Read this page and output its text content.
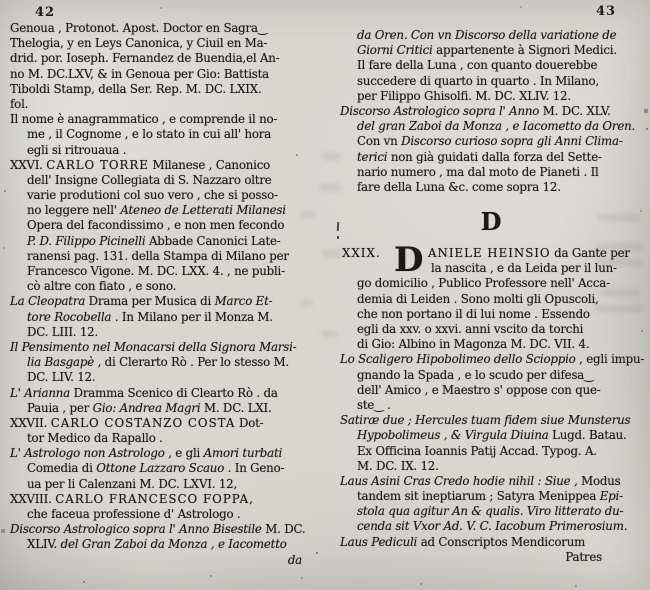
42	43
Genoua , Protonot. Apost. Doctor en Sagra‿
Thelogia, y en Leys Canonica, y Ciuil en Ma-
drid. por. Ioseph. Fernandez de Buendia,el An-
no M. DC.LXV, & in Genoua per Gio: Battista
Tiboldi Stamp, della Ser. Rep. M. DC. LXIX.
fol.
Il nome è anagrammatico , e comprende il no-
me , il Cognome , e lo stato in cui all' hora
egli si ritrouaua .
XXVI. CARLO TORRE Milanese , Canonico
dell' Insigne Collegiata di S. Nazzaro oltre
varie produtioni col suo vero , che si posso-
no leggere nell' Ateneo de Letterati Milanesi
Opera del facondissimo , e non men fecondo
P. D. Filippo Picinelli Abbade Canonici Late-
ranensi pag. 131. della Stampa di Milano per
Francesco Vigone. M. DC. LXX. 4. , ne publi-
cò altre con fiato , e sono.
La Cleopatra Drama per Musica di Marco Et-
tore Rocobella . In Milano per il Monza M.
DC. LIII. 12.
Il Pensimento nel Monacarsi della Signora Marsi-
lia Basgapè , di Clerarto Rò . Per lo stesso M.
DC. LIV. 12.
L' Arianna Dramma Scenico di Clearto Rò . da
Pauia , per Gio: Andrea Magri M. DC. LXI.
XXVII. CARLO COSTANZO COSTA Dot-
tor Medico da Rapallo .
L' Astrologo non Astrologo , e gli Amori turbati
Comedia di Ottone Lazzaro Scauo . In Geno-
ua per li Calenzani M. DC. LXVI. 12,
XXVIII. CARLO FRANCESCO FOPPA,
che faceua professione d' Astrologo .
Discorso Astrologico sopra l' Anno Bisestile M. DC.
XLIV. del Gran Zaboi da Monza , e Iacometto
da
da Oren. Con vn Discorso della variatione de
Giorni Critici appartenente à Signori Medici.
Il fare della Luna , con quanto douerebbe
succedere di quarto in quarto . In Milano,
per Filippo Ghisolfi. M. DC. XLIV. 12.
Discorso Astrologico sopra l' Anno M. DC. XLV.
del gran Zaboi da Monza , e Iacometto da Oren.
Con vn Discorso curioso sopra gli Anni Clima-
terici non già guidati dalla forza del Sette-
nario numero , ma dal moto de Pianeti . Il
fare della Luna &c. come sopra 12.
D
XXIX. D ANIELE HEINSIO da Gante per
la nascita , e da Leida per il lun-
go domicilio , Publico Professore nell' Acca-
demia di Leiden . Sono molti gli Opuscoli,
che non portano il di lui nome . Essendo
egli da xxv. o xxvi. anni vscito da torchi
di Gio: Albino in Magonza M. DC. VII. 4.
Lo Scaligero Hipobolimeo dello Scioppio , egli impu-
gnando la Spada , e lo scudo per difesa‿
dell' Amico , e Maestro s' oppose con que-
ste‿ .
Satiræ due ; Hercules tuam fidem siue Munsterus
Hypobolimeus , & Virgula Diuina Lugd. Batau.
Ex Officina Ioannis Patij Accad. Typog. A.
M. DC. IX. 12.
Laus Asini Cras Credo hodie nihil : Siue , Modus
tandem sit ineptiarum ; Satyra Menippea Epi-
stola qua agitur An & qualis. Viro litterato du-
cenda sit Vxor Ad. V. C. Iacobum Primerosium.
Laus Pediculi ad Conscriptos Mendicorum
Patres
